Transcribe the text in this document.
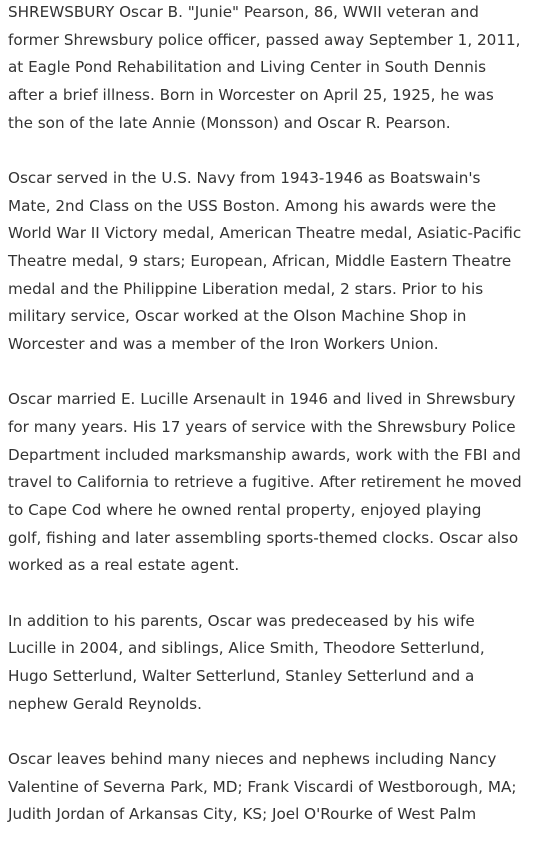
SHREWSBURY Oscar B. "Junie" Pearson, 86, WWII veteran and
former Shrewsbury police officer, passed away September 1, 2011,
at Eagle Pond Rehabilitation and Living Center in South Dennis
after a brief illness. Born in Worcester on April 25, 1925, he was
the son of the late Annie (Monsson) and Oscar R. Pearson.
Oscar served in the U.S. Navy from 1943-1946 as Boatswain's
Mate, 2nd Class on the USS Boston. Among his awards were the
World War II Victory medal, American Theatre medal, Asiatic-Pacific
Theatre medal, 9 stars; European, African, Middle Eastern Theatre
medal and the Philippine Liberation medal, 2 stars. Prior to his
military service, Oscar worked at the Olson Machine Shop in
Worcester and was a member of the Iron Workers Union.
Oscar married E. Lucille Arsenault in 1946 and lived in Shrewsbury
for many years. His 17 years of service with the Shrewsbury Police
Department included marksmanship awards, work with the FBI and
travel to California to retrieve a fugitive. After retirement he moved
to Cape Cod where he owned rental property, enjoyed playing
golf, fishing and later assembling sports-themed clocks. Oscar also
worked as a real estate agent.
In addition to his parents, Oscar was predeceased by his wife
Lucille in 2004, and siblings, Alice Smith, Theodore Setterlund,
Hugo Setterlund, Walter Setterlund, Stanley Setterlund and a
nephew Gerald Reynolds.
Oscar leaves behind many nieces and nephews including Nancy
Valentine of Severna Park, MD; Frank Viscardi of Westborough, MA;
Judith Jordan of Arkansas City, KS; Joel O'Rourke of West Palm
